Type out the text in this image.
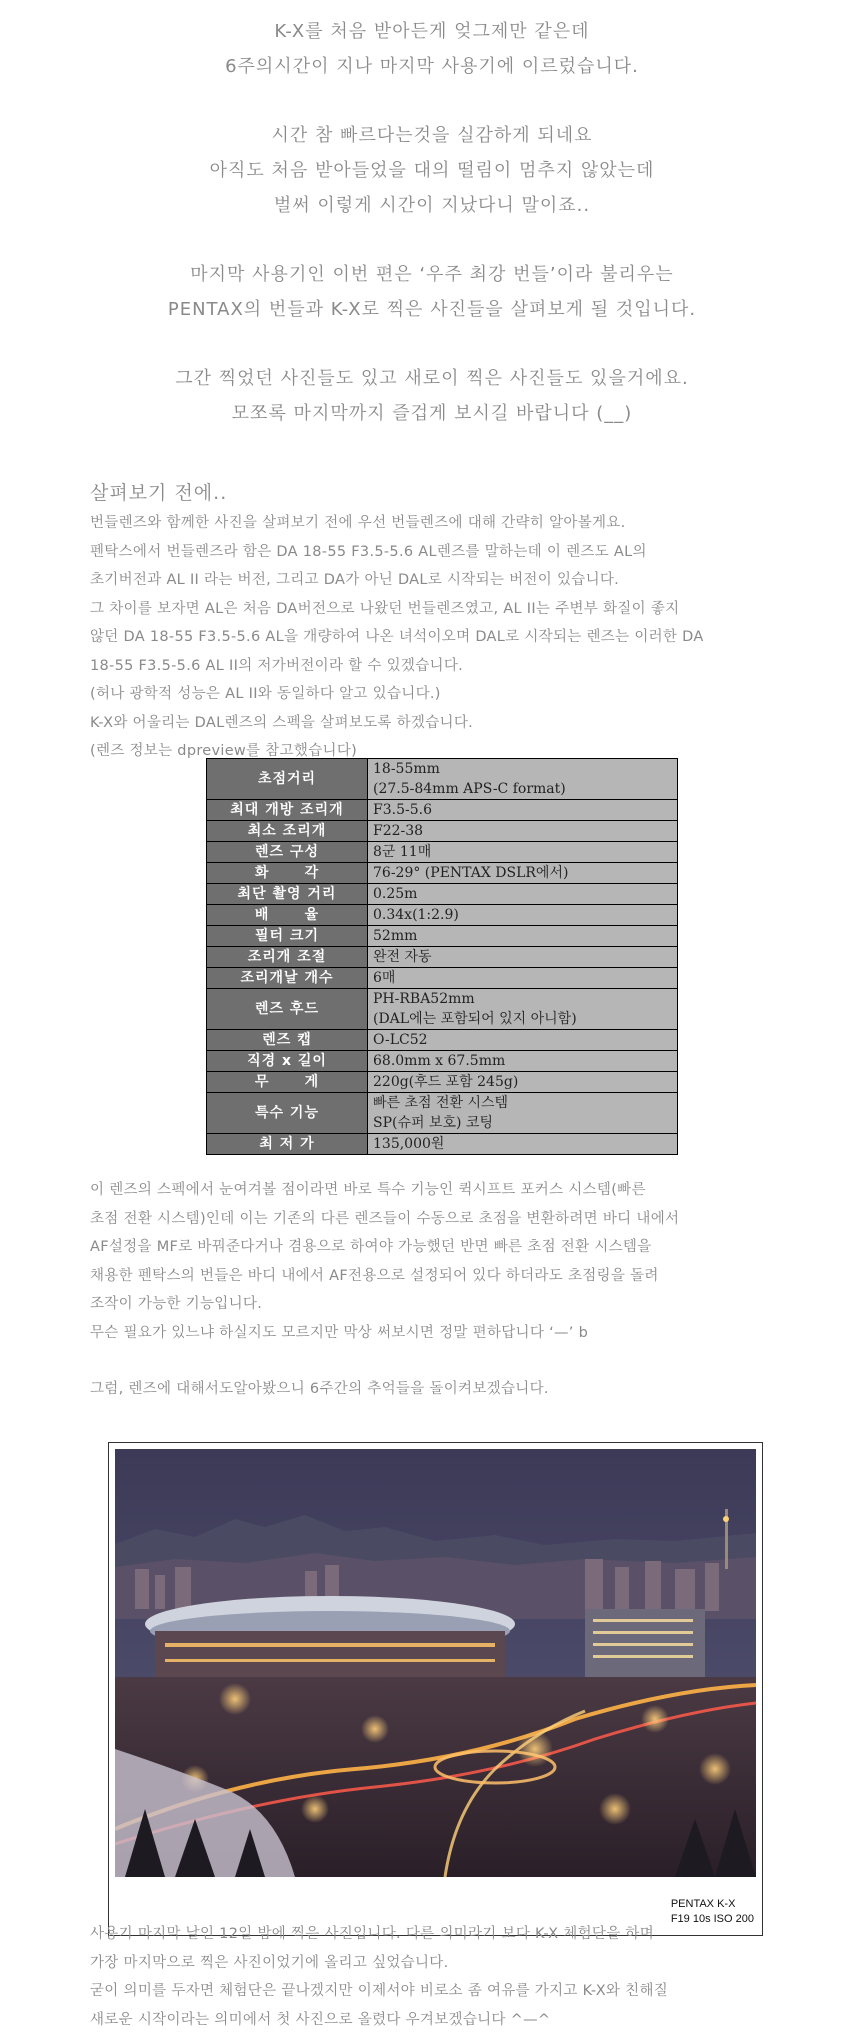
K-X를 처음 받아든게 엊그제만 같은데

6주의시간이 지나 마지막 사용기에 이르렀습니다.

시간 참 빠르다는것을 실감하게 되네요

아직도 처음 받아들었을 대의 떨림이 멈추지 않았는데

벌써 이렇게 시간이 지났다니 말이죠..

마지막 사용기인 이번 편은 ‘우주 최강 번들’이라 불리우는

PENTAX의 번들과 K-X로 찍은 사진들을 살펴보게 될 것입니다.

그간 찍었던 사진들도 있고 새로이 찍은 사진들도 있을거에요.

모쪼록 마지막까지 즐겁게 보시길 바랍니다 (__)

살펴보기 전에..

번들렌즈와 함께한 사진을 살펴보기 전에 우선 번들렌즈에 대해 간략히 알아볼게요.

펜탁스에서 번들렌즈라 함은 DA 18-55 F3.5-5.6 AL렌즈를 말하는데 이 렌즈도 AL의

초기버전과 AL II 라는 버전, 그리고 DA가 아닌 DAL로 시작되는 버전이 있습니다.

그 차이를 보자면 AL은 처음 DA버전으로 나왔던 번들렌즈였고, AL II는 주변부 화질이 좋지

않던 DA 18-55 F3.5-5.6 AL을 개량하여 나온 녀석이오며 DAL로 시작되는 렌즈는 이러한 DA

18-55 F3.5-5.6 AL II의 저가버전이라 할 수 있겠습니다.

(허나 광학적 성능은 AL II와 동일하다 알고 있습니다.)

K-X와 어울리는 DAL렌즈의 스펙을 살펴보도록 하겠습니다.

(렌즈 정보는 dpreview를 참고했습니다)

초점거리	18-55mm
(27.5-84mm APS-C format)

최대 개방 조리개	F3.5-5.6

최소 조리개	F22-38

렌즈 구성	8군 11매

화      각	76-29° (PENTAX DSLR에서)

최단 촬영 거리	0.25m

배      율	0.34x(1:2.9)

필터 크기	52mm

조리개 조절	완전 자동

조리개날 개수	6매

렌즈 후드	PH-RBA52mm
(DAL에는 포함되어 있지 아니함)

렌즈 캡	O-LC52

직경 x 길이	68.0mm x 67.5mm

무      게	220g(후드 포함 245g)

특수 기능	빠른 초점 전환 시스템
SP(슈퍼 보호) 코팅

최 저 가	135,000원

이 렌즈의 스펙에서 눈여겨볼 점이라면 바로 특수 기능인 퀵시프트 포커스 시스템(빠른

초점 전환 시스템)인데 이는 기존의 다른 렌즈들이 수동으로 초점을 변환하려면 바디 내에서

AF설정을 MF로 바꿔준다거나 겸용으로 하여야 가능했던 반면 빠른 초점 전환 시스템을

채용한 펜탁스의 번들은 바디 내에서 AF전용으로 설정되어 있다 하더라도 초점링을 돌려

조작이 가능한 기능입니다.

무슨 필요가 있느냐 하실지도 모르지만 막상 써보시면 정말 편하답니다 ‘—’ b

그럼, 렌즈에 대해서도알아봤으니 6주간의 추억들을 돌이켜보겠습니다.

PENTAX K-X
F19 10s ISO 200

사용기 마지막 날인 12일 밤에 찍은 사진입니다. 다른 의미라기 보다 K-X 체험단을 하며

가장 마지막으로 찍은 사진이었기에 올리고 싶었습니다.

굳이 의미를 두자면 체험단은 끝나겠지만 이제서야 비로소 좀 여유를 가지고 K-X와 친해질

새로운 시작이라는 의미에서 첫 사진으로 올렸다 우겨보겠습니다 ^—^
